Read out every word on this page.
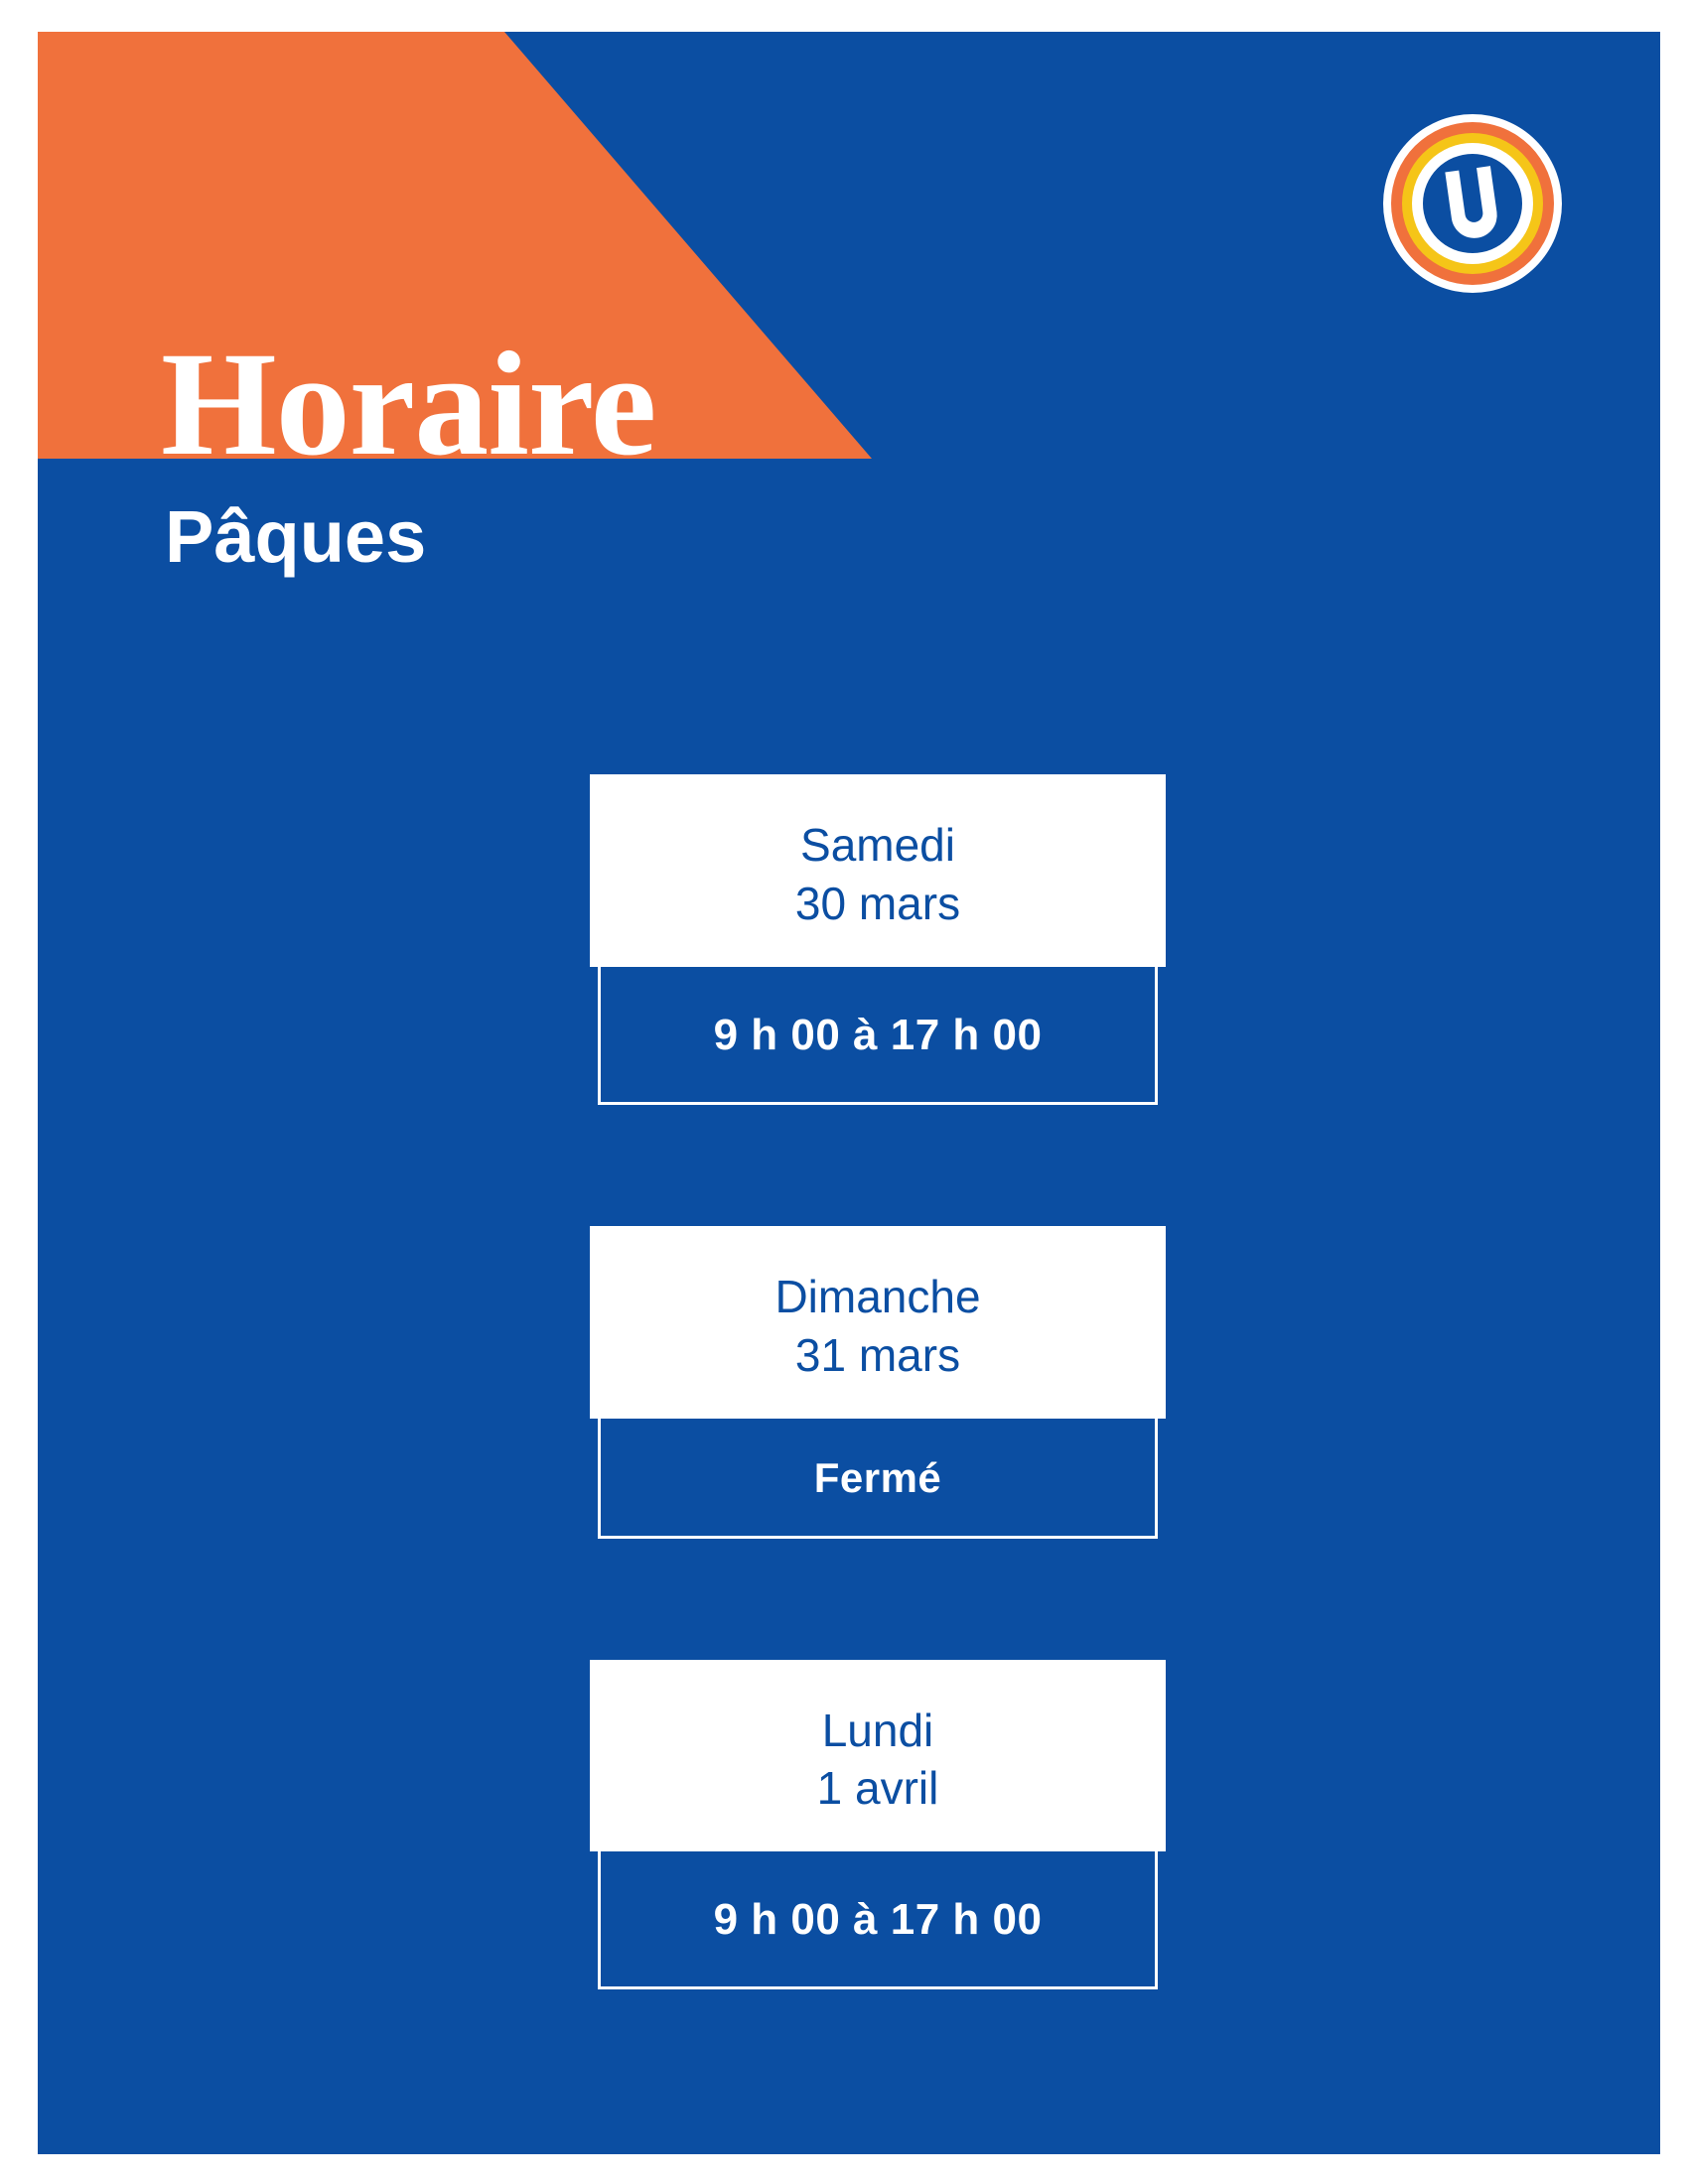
Horaire
Pâques
Samedi
30 mars
9 h 00 à 17 h 00
Dimanche
31 mars
Fermé
Lundi
1 avril
9 h 00 à 17 h 00
